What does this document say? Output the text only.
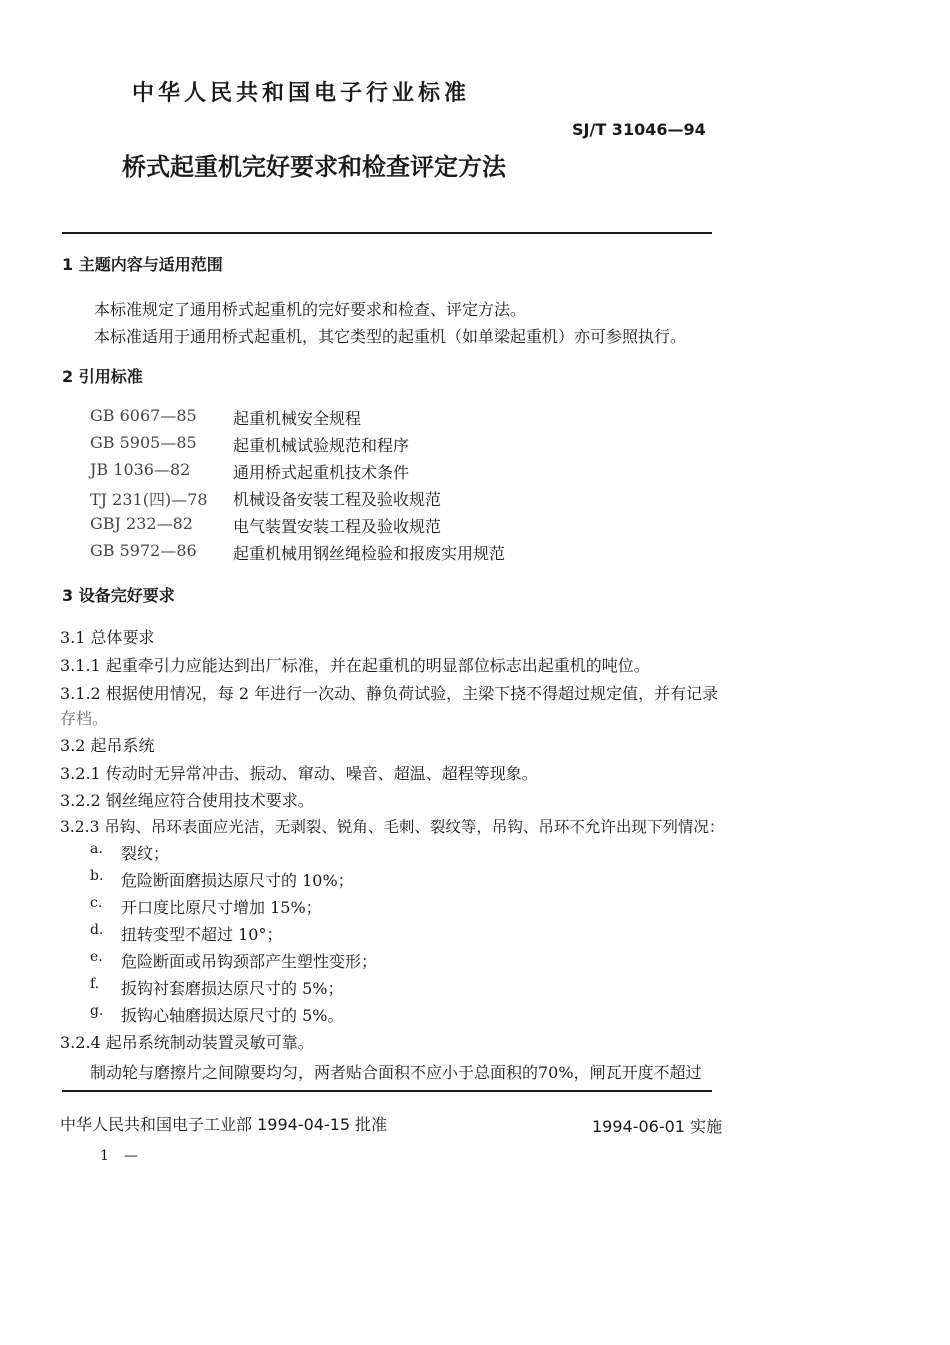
中华人民共和国电子行业标准
SJ/T 31046—94
桥式起重机完好要求和检查评定方法
1 主题内容与适用范围
本标准规定了通用桥式起重机的完好要求和检查、评定方法。
本标准适用于通用桥式起重机，其它类型的起重机（如单梁起重机）亦可参照执行。
2 引用标准
GB 6067—85 起重机械安全规程
GB 5905—85 起重机械试验规范和程序
JB 1036—82	通用桥式起重机技术条件
TJ 231(四)—78 机械设备安装工程及验收规范
GBJ 232—82	电气装置安装工程及验收规范
GB 5972—86 起重机械用钢丝绳检验和报废实用规范
3 设备完好要求
3.1 总体要求
3.1.1 起重牵引力应能达到出厂标准，并在起重机的明显部位标志出起重机的吨位。
3.1.2 根据使用情况，每 2 年进行一次动、静负荷试验，主梁下挠不得超过规定值，并有记录
存档。
3.2 起吊系统
3.2.1 传动时无异常冲击、振动、窜动、噪音、超温、超程等现象。
3.2.2 钢丝绳应符合使用技术要求。
3.2.3 吊钩、吊环表面应光洁，无剥裂、锐角、毛刺、裂纹等，吊钩、吊环不允许出现下列情况：
a. 裂纹；
b. 危险断面磨损达原尺寸的 10%；
c. 开口度比原尺寸增加 15%；
d. 扭转变型不超过 10°；
e. 危险断面或吊钩颈部产生塑性变形；
f. 扳钩衬套磨损达原尺寸的 5%；
g. 扳钩心轴磨损达原尺寸的 5%。
3.2.4 起吊系统制动装置灵敏可靠。
制动轮与磨擦片之间隙要均匀，两者贴合面积不应小于总面积的70%，闸瓦开度不超过
中华人民共和国电子工业部 1994-04-15 批准	1994-06-01 实施
1 —
